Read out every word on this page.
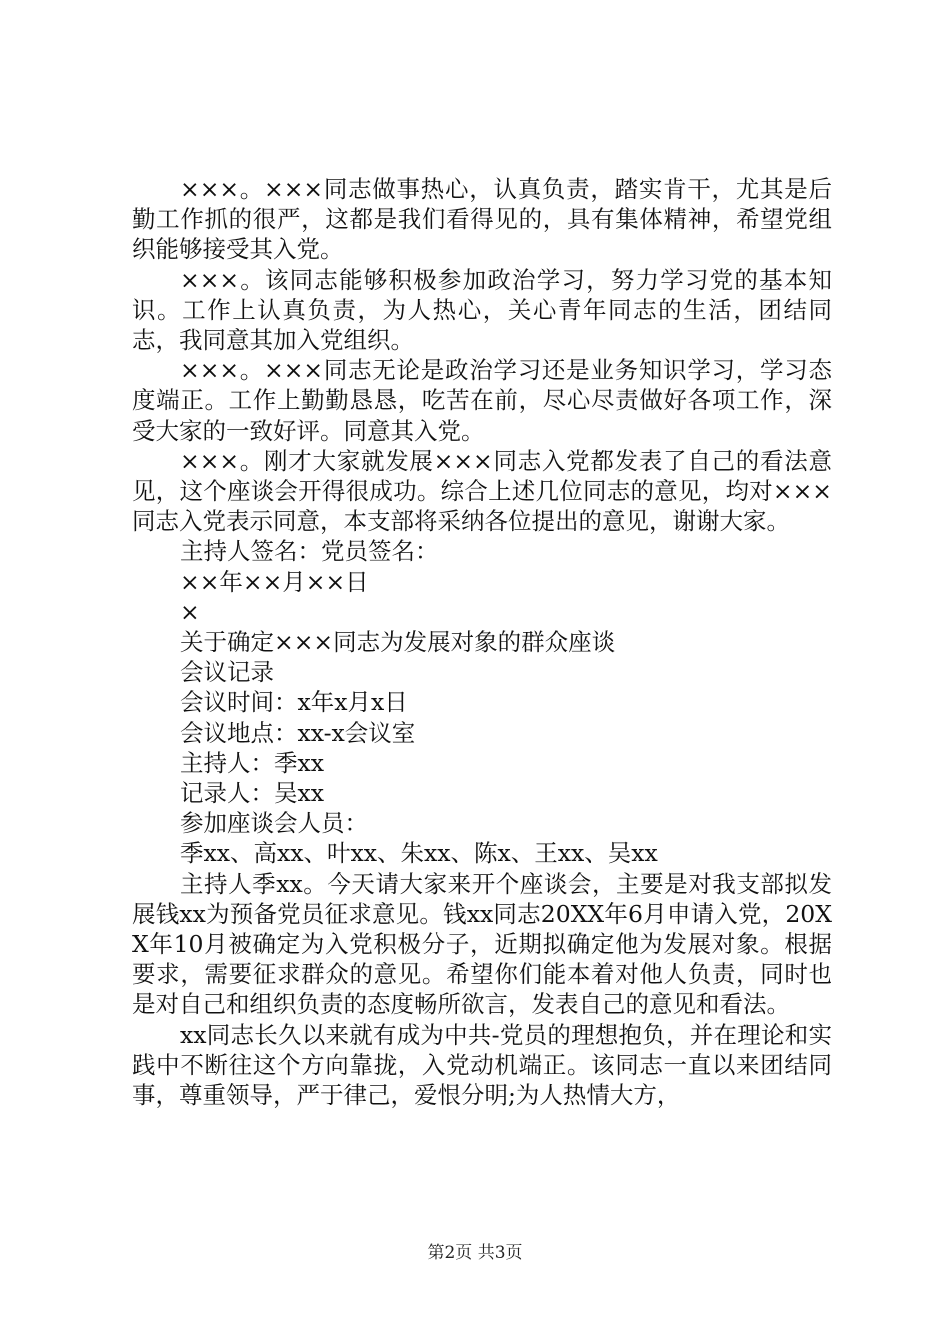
×××。×××同志做事热心，认真负责，踏实肯干，尤其是后勤工作抓的很严，这都是我们看得见的，具有集体精神，希望党组织能够接受其入党。

×××。该同志能够积极参加政治学习，努力学习党的基本知识。工作上认真负责，为人热心，关心青年同志的生活，团结同志，我同意其加入党组织。

×××。×××同志无论是政治学习还是业务知识学习，学习态度端正。工作上勤勤恳恳，吃苦在前，尽心尽责做好各项工作，深受大家的一致好评。同意其入党。

×××。刚才大家就发展×××同志入党都发表了自己的看法意见，这个座谈会开得很成功。综合上述几位同志的意见，均对×××同志入党表示同意，本支部将采纳各位提出的意见，谢谢大家。

主持人签名：党员签名：

××年××月××日

×

关于确定×××同志为发展对象的群众座谈

会议记录

会议时间：x年x月x日

会议地点：xx-x会议室

主持人：季xx

记录人：吴xx

参加座谈会人员：

季xx、高xx、叶xx、朱xx、陈x、王xx、吴xx

主持人季xx。今天请大家来开个座谈会，主要是对我支部拟发展钱xx为预备党员征求意见。钱xx同志20XX年6月申请入党，20XX年10月被确定为入党积极分子，近期拟确定他为发展对象。根据要求，需要征求群众的意见。希望你们能本着对他人负责，同时也是对自己和组织负责的态度畅所欲言，发表自己的意见和看法。

xx同志长久以来就有成为中共-党员的理想抱负，并在理论和实践中不断往这个方向靠拢，入党动机端正。该同志一直以来团结同事，尊重领导，严于律己，爱恨分明;为人热情大方，

第2页 共3页
